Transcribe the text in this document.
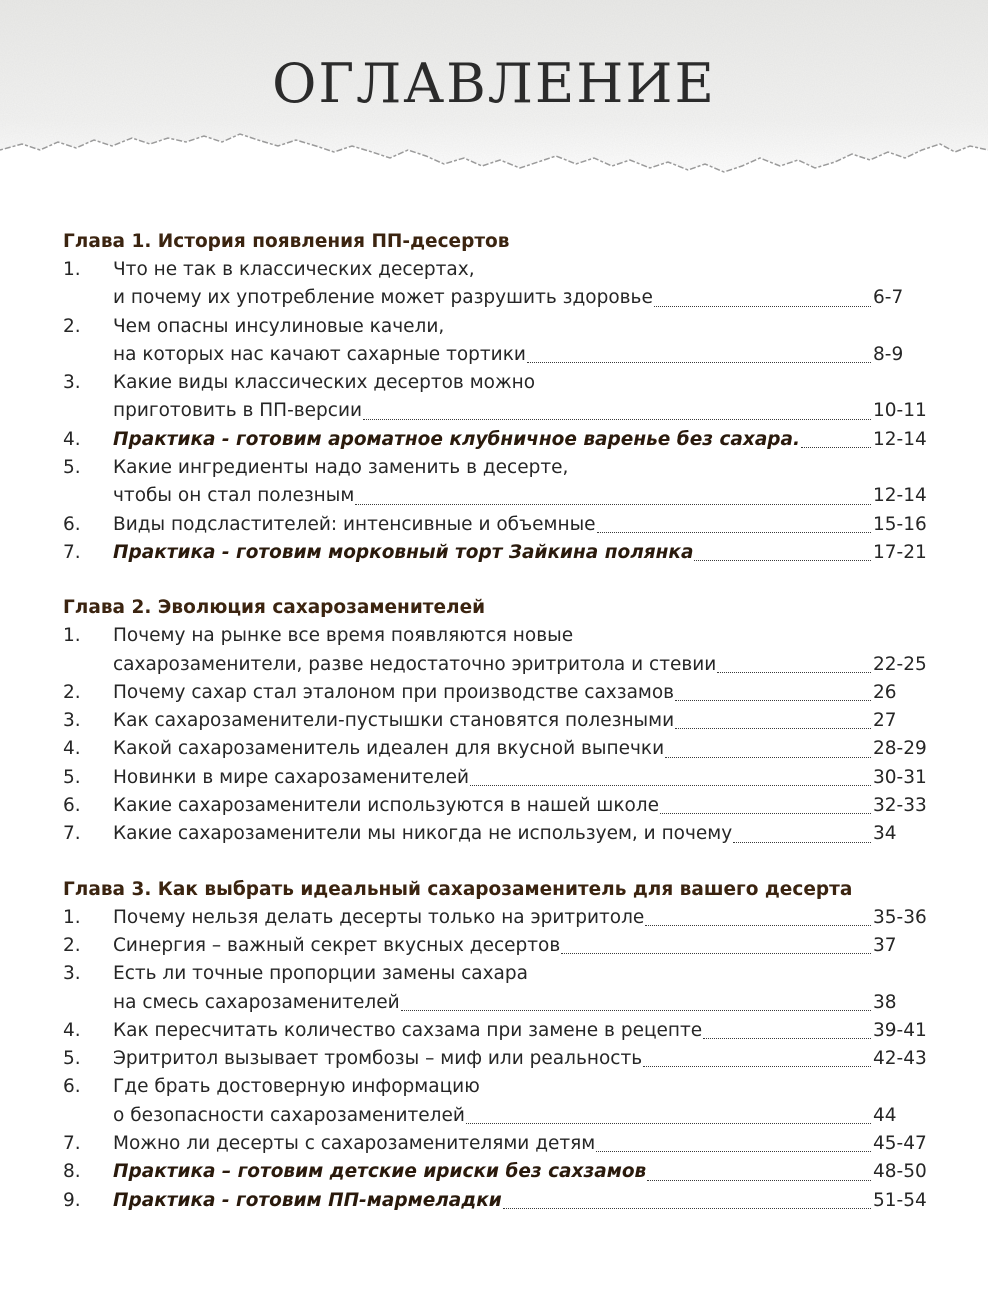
ОГЛАВЛЕНИЕ
Глава 1. История появления ПП-десертов
1.	Что не так в классических десертах,
и почему их употребление может разрушить здоровье	6-7
2.	Чем опасны инсулиновые качели,
на которых нас качают сахарные тортики	8-9
3.	Какие виды классических десертов можно
приготовить в ПП-версии	10-11
4.	Практика - готовим ароматное клубничное варенье без сахара.	12-14
5.	Какие ингредиенты надо заменить в десерте,
чтобы он стал полезным	12-14
6.	Виды подсластителей: интенсивные и объемные	15-16
7.	Практика - готовим морковный торт Зайкина полянка	17-21
Глава 2. Эволюция сахарозаменителей
1.	Почему на рынке все время появляются новые
сахарозаменители, разве недостаточно эритритола и стевии	22-25
2.	Почему сахар стал эталоном при производстве сахзамов	26
3.	Как сахарозаменители-пустышки становятся полезными	27
4.	Какой сахарозаменитель идеален для вкусной выпечки	28-29
5.	Новинки в мире сахарозаменителей	30-31
6.	Какие сахарозаменители используются в нашей школе	32-33
7.	Какие сахарозаменители мы никогда не используем, и почему	34
Глава 3. Как выбрать идеальный сахарозаменитель для вашего десерта
1.	Почему нельзя делать десерты только на эритритоле	35-36
2.	Синергия – важный секрет вкусных десертов	37
3.	Есть ли точные пропорции замены сахара
на смесь сахарозаменителей	38
4.	Как пересчитать количество сахзама при замене в рецепте	39-41
5.	Эритритол вызывает тромбозы – миф или реальность	42-43
6.	Где брать достоверную информацию
о безопасности сахарозаменителей	44
7.	Можно ли десерты с сахарозаменителями детям	45-47
8.	Практика – готовим детские ириски без сахзамов	48-50
9.	Практика - готовим ПП-мармеладки	51-54
